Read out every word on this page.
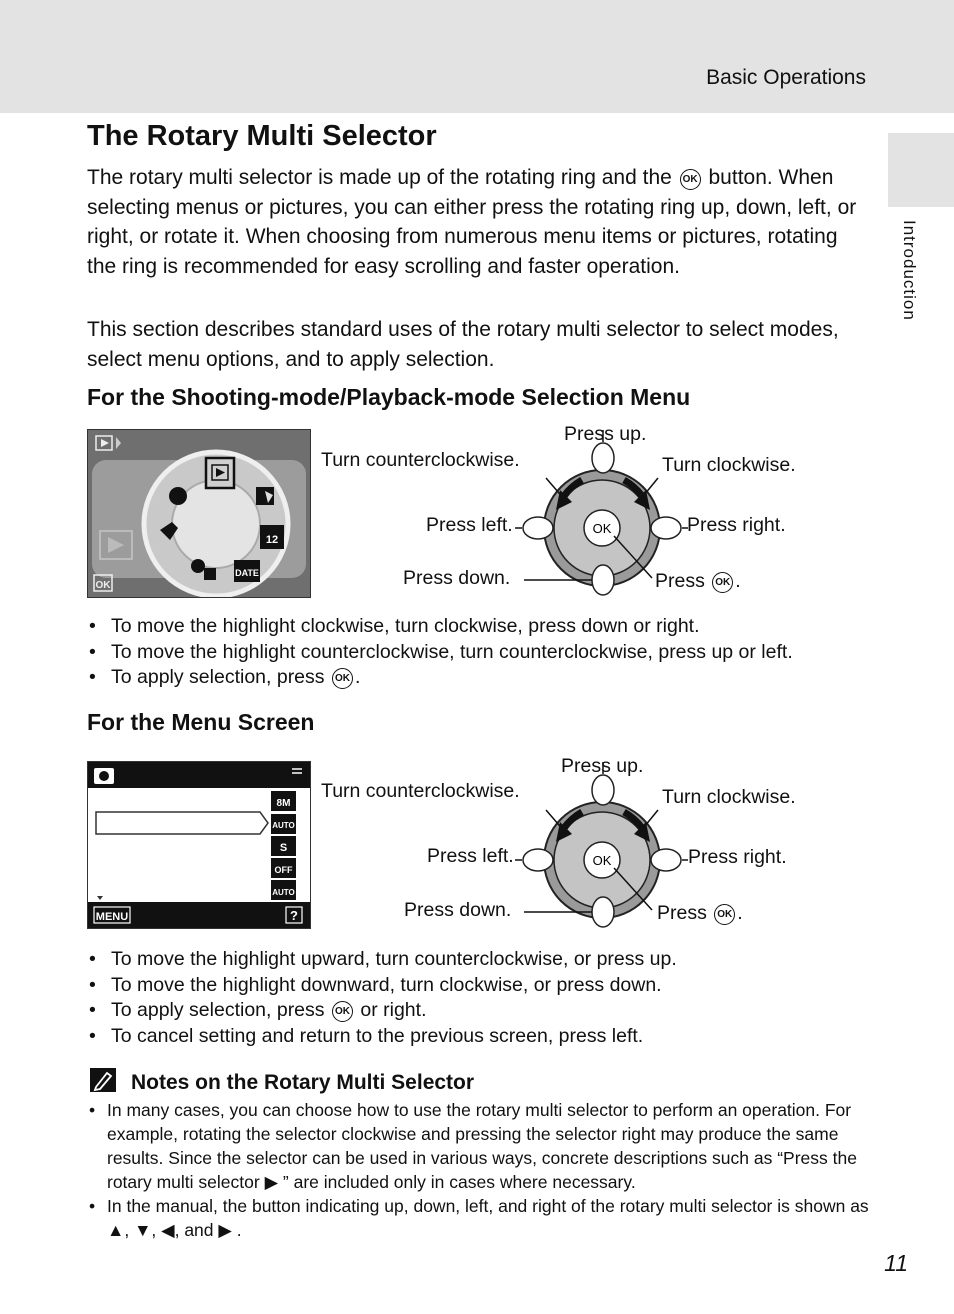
Basic Operations
Introduction
The Rotary Multi Selector

The rotary multi selector is made up of the rotating ring and the OK button. When selecting menus or pictures, you can either press the rotating ring up, down, left, or right, or rotate it. When choosing from numerous menu items or pictures, rotating the ring is recommended for easy scrolling and faster operation.

This section describes standard uses of the rotary multi selector to select modes, select menu options, and to apply selection.

For the Shooting-mode/Playback-mode Selection Menu
12
DATE
OK
OK
Press up.
Turn counterclockwise.	Turn clockwise.
Press left.	Press right.
Press down.	Press OK .
• To move the highlight clockwise, turn clockwise, press down or right.
• To move the highlight counterclockwise, turn counterclockwise, press up or left.
• To apply selection, press OK .
For the Menu Screen
8M
AUTO
S
OFF
AUTO
MENU	?
OK
Press up.
Turn counterclockwise.	Turn clockwise.
Press left.	Press right.
Press down.	Press OK .
• To move the highlight upward, turn counterclockwise, or press up.
• To move the highlight downward, turn clockwise, or press down.
• To apply selection, press OK or right.
• To cancel setting and return to the previous screen, press left.
Notes on the Rotary Multi Selector
• In many cases, you can choose how to use the rotary multi selector to perform an operation. For example, rotating the selector clockwise and pressing the selector right may produce the same results. Since the selector can be used in various ways, concrete descriptions such as “Press the rotary multi selector ▶ ” are included only in cases where necessary.
• In the manual, the button indicating up, down, left, and right of the rotary multi selector is shown as ▲, ▼, ◀, and ▶ .
11
